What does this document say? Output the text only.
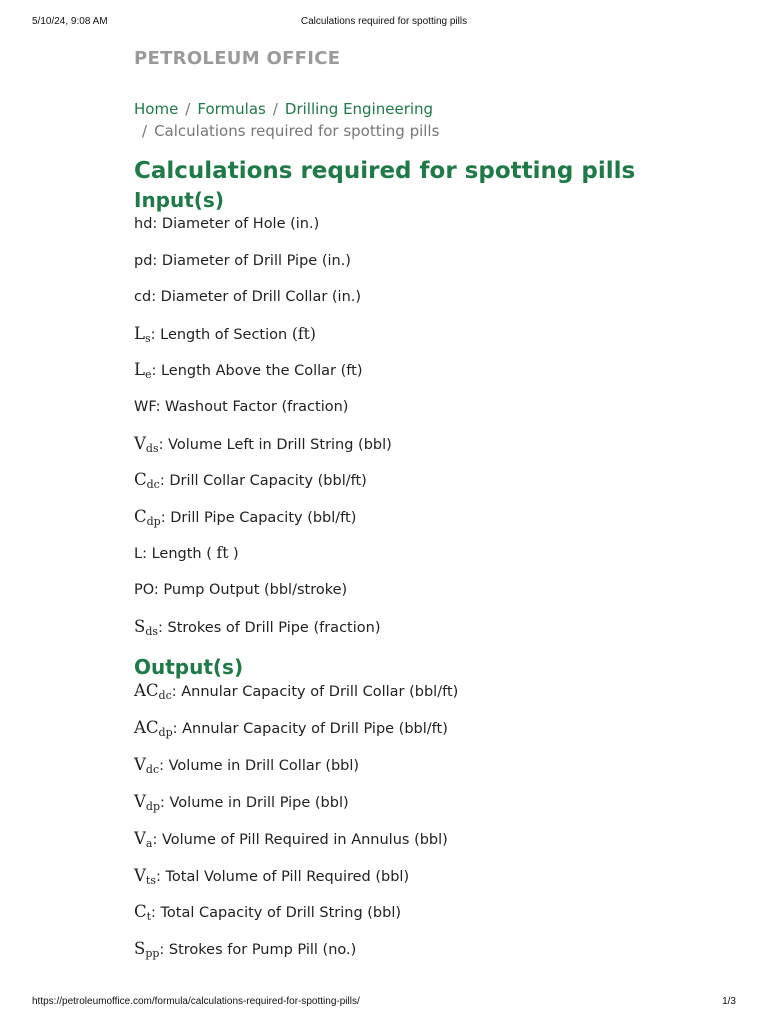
5/10/24, 9:08 AM	Calculations required for spotting pills
PETROLEUM OFFICE
Home / Formulas / Drilling Engineering
/ Calculations required for spotting pills
Calculations required for spotting pills
Input(s)
hd: Diameter of Hole (in.)
pd: Diameter of Drill Pipe (in.)
cd: Diameter of Drill Collar (in.)
$L_s$: Length of Section (ft)
$L_e$: Length Above the Collar (ft)
WF: Washout Factor (fraction)
$V_{ds}$: Volume Left in Drill String (bbl)
$C_{dc}$: Drill Collar Capacity (bbl/ft)
$C_{dp}$: Drill Pipe Capacity (bbl/ft)
L: Length ( ft )
PO: Pump Output (bbl/stroke)
$S_{ds}$: Strokes of Drill Pipe (fraction)
Output(s)
$AC_{dc}$: Annular Capacity of Drill Collar (bbl/ft)
$AC_{dp}$: Annular Capacity of Drill Pipe (bbl/ft)
$V_{dc}$: Volume in Drill Collar (bbl)
$V_{dp}$: Volume in Drill Pipe (bbl)
$V_a$: Volume of Pill Required in Annulus (bbl)
$V_{ts}$: Total Volume of Pill Required (bbl)
$C_t$: Total Capacity of Drill String (bbl)
$S_{pp}$: Strokes for Pump Pill (no.)
https://petroleumoffice.com/formula/calculations-required-for-spotting-pills/	1/3
